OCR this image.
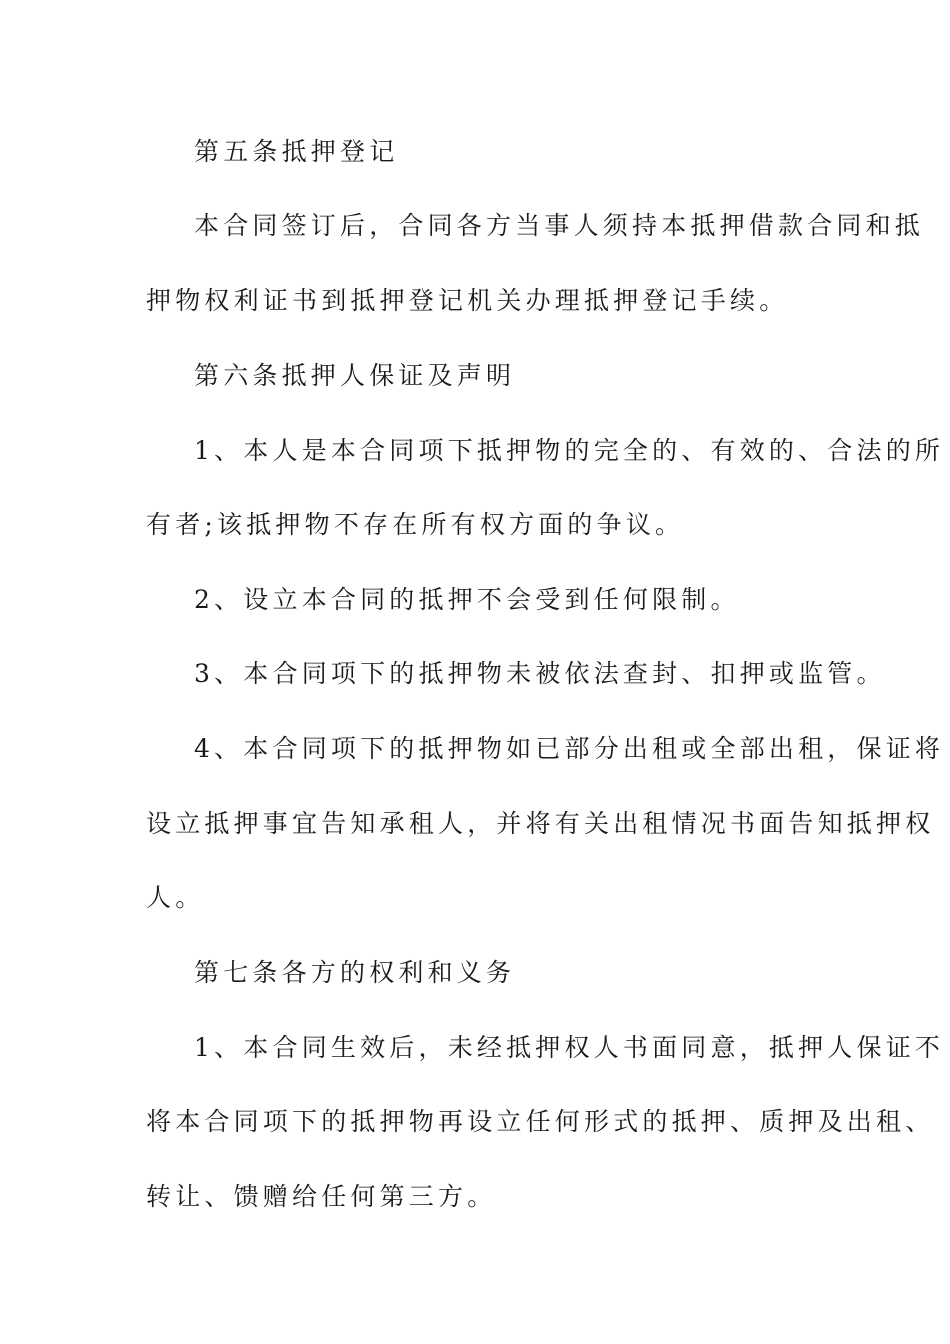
第五条抵押登记
本合同签订后，合同各方当事人须持本抵押借款合同和抵
押物权利证书到抵押登记机关办理抵押登记手续。
第六条抵押人保证及声明
1、本人是本合同项下抵押物的完全的、有效的、合法的所
有者;该抵押物不存在所有权方面的争议。
2、设立本合同的抵押不会受到任何限制。
3、本合同项下的抵押物未被依法查封、扣押或监管。
4、本合同项下的抵押物如已部分出租或全部出租，保证将
设立抵押事宜告知承租人，并将有关出租情况书面告知抵押权
人。
第七条各方的权利和义务
1、本合同生效后，未经抵押权人书面同意，抵押人保证不
将本合同项下的抵押物再设立任何形式的抵押、质押及出租、
转让、馈赠给任何第三方。
